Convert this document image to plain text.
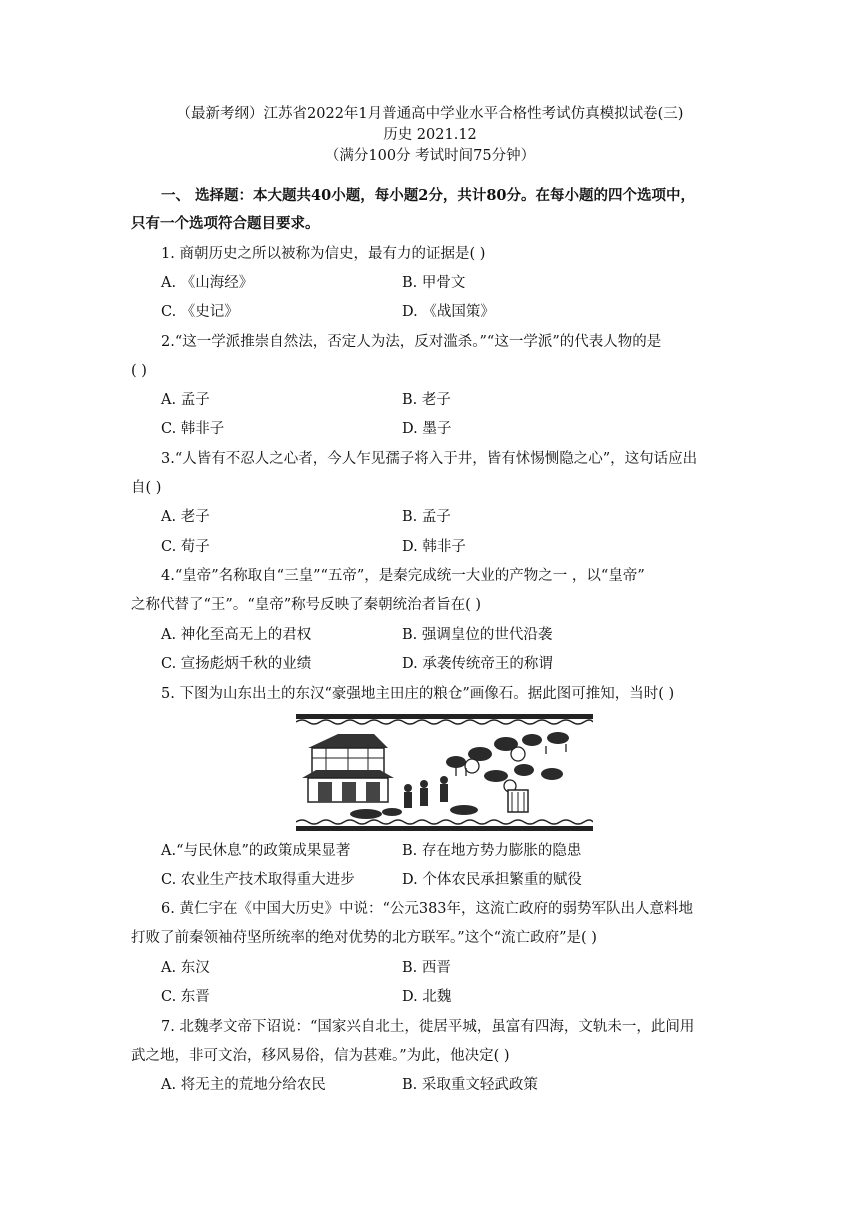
（最新考纲）江苏省2022年1月普通高中学业水平合格性考试仿真模拟试卷(三)
历史 2021.12
（满分100分 考试时间75分钟）
一、 选择题：本大题共40小题，每小题2分，共计80分。在每小题的四个选项中，
只有一个选项符合题目要求。
1. 商朝历史之所以被称为信史，最有力的证据是( )
A. 《山海经》	B. 甲骨文
C. 《史记》	D. 《战国策》
2.“这一学派推崇自然法，否定人为法，反对滥杀。”“这一学派”的代表人物的是
( )
A. 孟子	B. 老子
C. 韩非子	D. 墨子
3.“人皆有不忍人之心者，今人乍见孺子将入于井，皆有怵惕恻隐之心”，这句话应出
自( )
A. 老子	B. 孟子
C. 荀子	D. 韩非子
4.“皇帝”名称取自“三皇”“五帝”，是秦完成统一大业的产物之一 ，以“皇帝”
之称代替了“王”。“皇帝”称号反映了秦朝统治者旨在( )
A. 神化至高无上的君权	B. 强调皇位的世代沿袭
C. 宣扬彪炳千秋的业绩	D. 承袭传统帝王的称谓
5. 下图为山东出土的东汉“豪强地主田庄的粮仓”画像石。据此图可推知，当时( )
A.“与民休息”的政策成果显著	B. 存在地方势力膨胀的隐患
C. 农业生产技术取得重大进步	D. 个体农民承担繁重的赋役
6. 黄仁宇在《中国大历史》中说：“公元383年，这流亡政府的弱势军队出人意料地
打败了前秦领袖苻坚所统率的绝对优势的北方联军。”这个“流亡政府”是( )
A. 东汉	B. 西晋
C. 东晋	D. 北魏
7. 北魏孝文帝下诏说：“国家兴自北土，徙居平城，虽富有四海，文轨未一，此间用
武之地，非可文治，移风易俗，信为甚难。”为此，他决定( )
A. 将无主的荒地分给农民	B. 采取重文轻武政策
